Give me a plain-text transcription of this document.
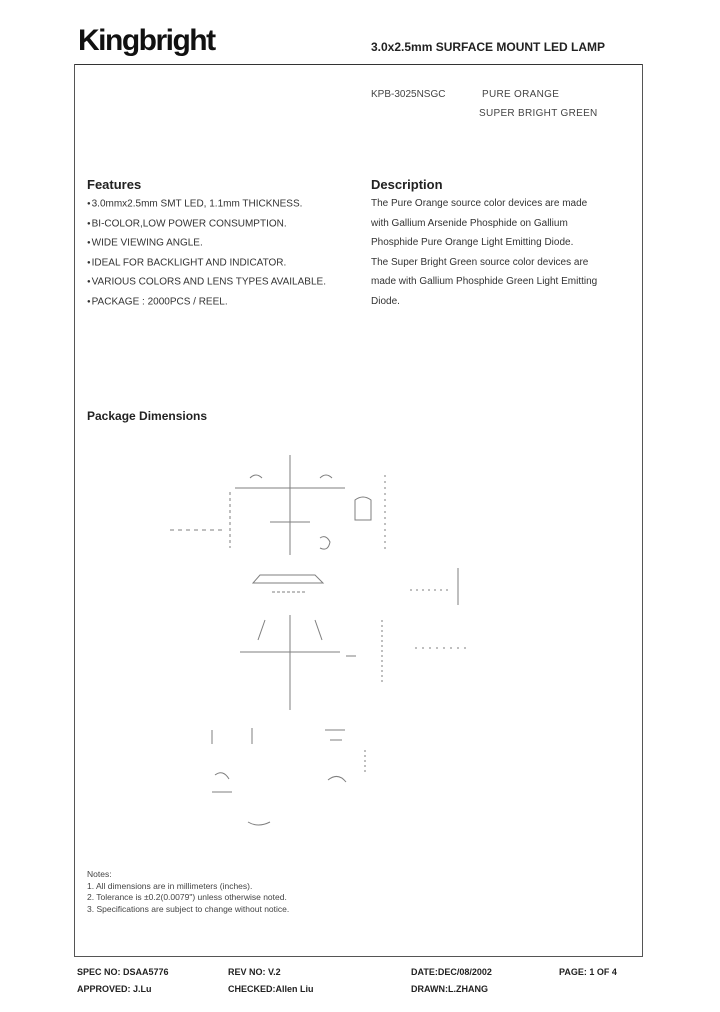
Kingbright	3.0x2.5mm SURFACE MOUNT LED LAMP
KPB-3025NSGC	PURE ORANGE
SUPER BRIGHT GREEN
Features
● 3.0mmx2.5mm SMT LED, 1.1mm THICKNESS.
● BI-COLOR,LOW POWER CONSUMPTION.
● WIDE VIEWING ANGLE.
● IDEAL FOR BACKLIGHT AND INDICATOR.
● VARIOUS COLORS AND LENS TYPES AVAILABLE.
● PACKAGE : 2000PCS / REEL.
Description
The Pure Orange source color devices are made
with Gallium Arsenide Phosphide on Gallium
Phosphide Pure Orange Light Emitting Diode.
The Super Bright Green source color devices are
made with Gallium Phosphide Green Light Emitting
Diode.
Package Dimensions
Notes:
1. All dimensions are in millimeters (inches).
2. Tolerance is ±0.2(0.0079") unless otherwise noted.
3. Specifications are subject to change without notice.
SPEC NO: DSAA5776	REV NO: V.2	DATE:DEC/08/2002	PAGE: 1 OF 4
APPROVED: J.Lu	CHECKED:Allen Liu	DRAWN:L.ZHANG
